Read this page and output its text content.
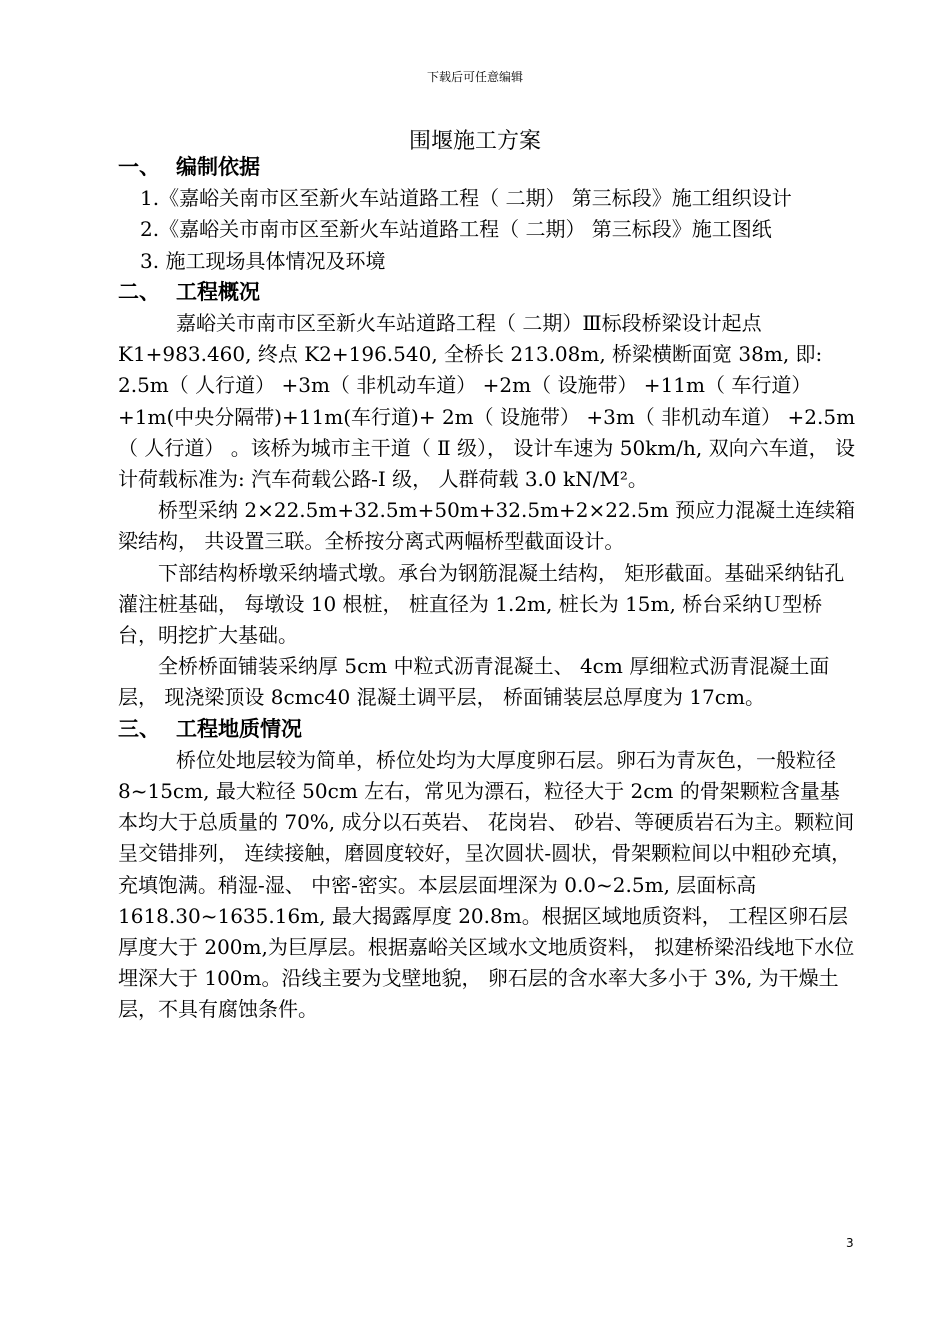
下载后可任意编辑
围堰施工方案

一、 编制依据

1.《嘉峪关南市区至新火车站道路工程（ 二期） 第三标段》施工组织设计

2.《嘉峪关市南市区至新火车站道路工程（ 二期） 第三标段》施工图纸

3. 施工现场具体情况及环境

二、 工程概况

嘉峪关市南市区至新火车站道路工程（ 二期）Ⅲ标段桥梁设计起点 K1+983.460, 终点 K2+196.540, 全桥长 213.08m, 桥梁横断面宽 38m, 即: 2.5m（ 人行道） +3m（ 非机动车道） +2m（ 设施带） +11m（ 车行道） +1m(中央分隔带)+11m(车行道)+ 2m（ 设施带） +3m（ 非机动车道） +2.5m（ 人行道） 。该桥为城市主干道（ Ⅱ 级）， 设计车速为 50km/h, 双向六车道， 设计荷载标准为: 汽车荷载公路-I 级， 人群荷载 3.0 kN/M²。

桥型采纳 2×22.5m+32.5m+50m+32.5m+2×22.5m 预应力混凝土连续箱梁结构， 共设置三联。全桥按分离式两幅桥型截面设计。

下部结构桥墩采纳墙式墩。承台为钢筋混凝土结构， 矩形截面。基础采纳钻孔灌注桩基础， 每墩设 10 根桩， 桩直径为 1.2m, 桩长为 15m, 桥台采纳Ｕ型桥台，明挖扩大基础。

全桥桥面铺装采纳厚 5cm 中粒式沥青混凝土、 4cm 厚细粒式沥青混凝土面层， 现浇梁顶设 8cmc40 混凝土调平层， 桥面铺装层总厚度为 17cm。

三、 工程地质情况

桥位处地层较为简单，桥位处均为大厚度卵石层。卵石为青灰色，一般粒径 8~15cm, 最大粒径 50cm 左右，常见为漂石，粒径大于 2cm 的骨架颗粒含量基本均大于总质量的 70%, 成分以石英岩、 花岗岩、 砂岩、等硬质岩石为主。颗粒间呈交错排列， 连续接触，磨圆度较好，呈次圆状-圆状，骨架颗粒间以中粗砂充填， 充填饱满。稍湿-湿、 中密-密实。本层层面埋深为 0.0~2.5m, 层面标高 1618.30~1635.16m, 最大揭露厚度 20.8m。根据区域地质资料， 工程区卵石层厚度大于 200m,为巨厚层。根据嘉峪关区域水文地质资料， 拟建桥梁沿线地下水位埋深大于 100m。沿线主要为戈壁地貌， 卵石层的含水率大多小于 3%, 为干燥土层，不具有腐蚀条件。

3
